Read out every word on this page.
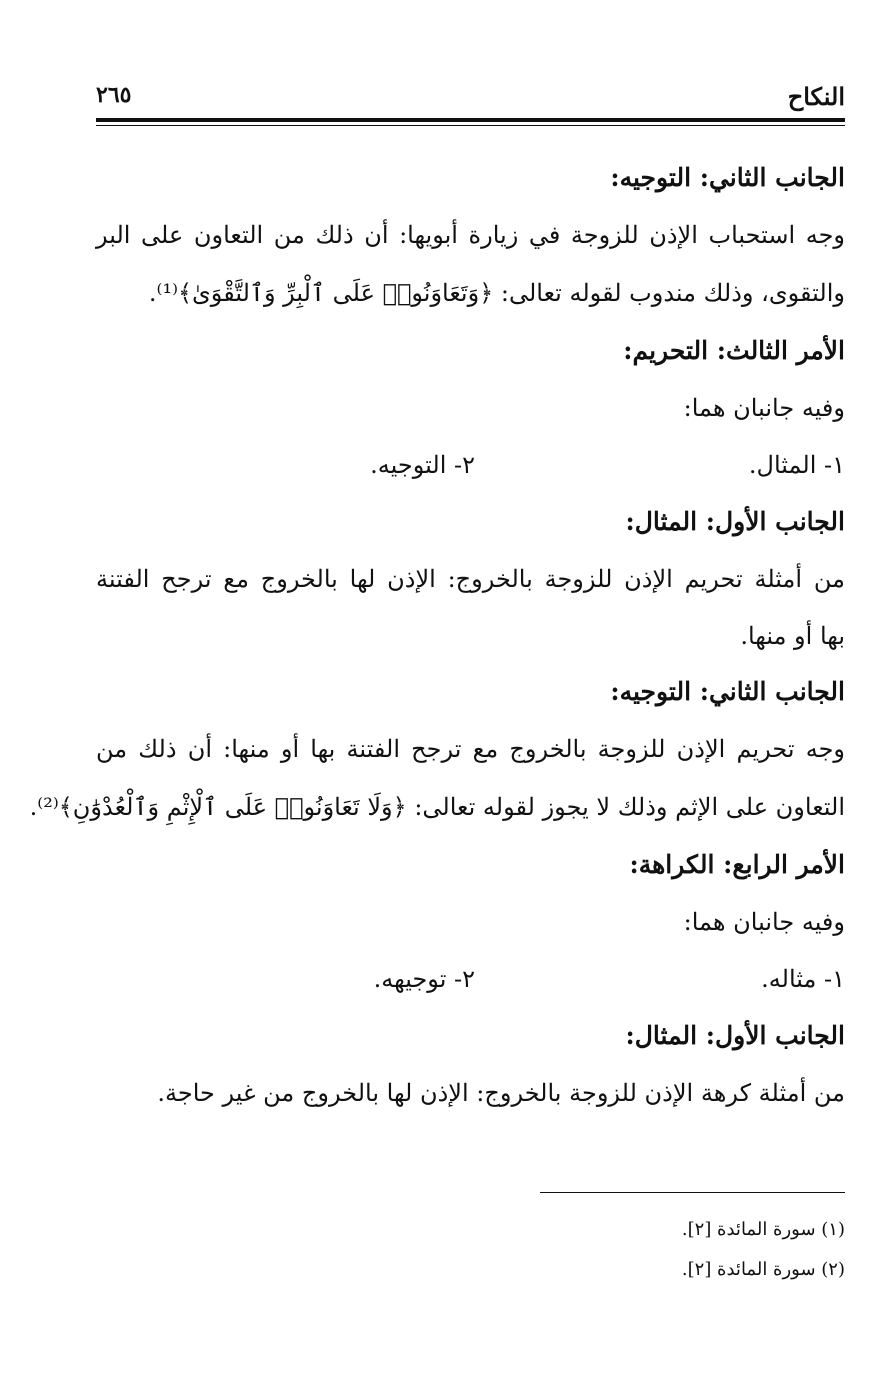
النكاح
٢٦٥
الجانب الثاني: التوجيه:
وجه استحباب الإذن للزوجة في زيارة أبويها: أن ذلك من التعاون على البر
والتقوى، وذلك مندوب لقوله تعالى: ﴿وَتَعَاوَنُوا۟ عَلَى ٱلْبِرِّ وَٱلتَّقْوَىٰ﴾⁽¹⁾.
الأمر الثالث: التحريم:
وفيه جانبان هما:
١- المثال.
٢- التوجيه.
الجانب الأول: المثال:
من أمثلة تحريم الإذن للزوجة بالخروج: الإذن لها بالخروج مع ترجح الفتنة
بها أو منها.
الجانب الثاني: التوجيه:
وجه تحريم الإذن للزوجة بالخروج مع ترجح الفتنة بها أو منها: أن ذلك من
التعاون على الإثم وذلك لا يجوز لقوله تعالى: ﴿وَلَا تَعَاوَنُوا۟ عَلَى ٱلْإِثْمِ وَٱلْعُدْوَٰنِ﴾⁽²⁾.
الأمر الرابع: الكراهة:
وفيه جانبان هما:
١- مثاله.
٢- توجيهه.
الجانب الأول: المثال:
من أمثلة كرهة الإذن للزوجة بالخروج: الإذن لها بالخروج من غير حاجة.
(١) سورة المائدة [٢].
(٢) سورة المائدة [٢].
